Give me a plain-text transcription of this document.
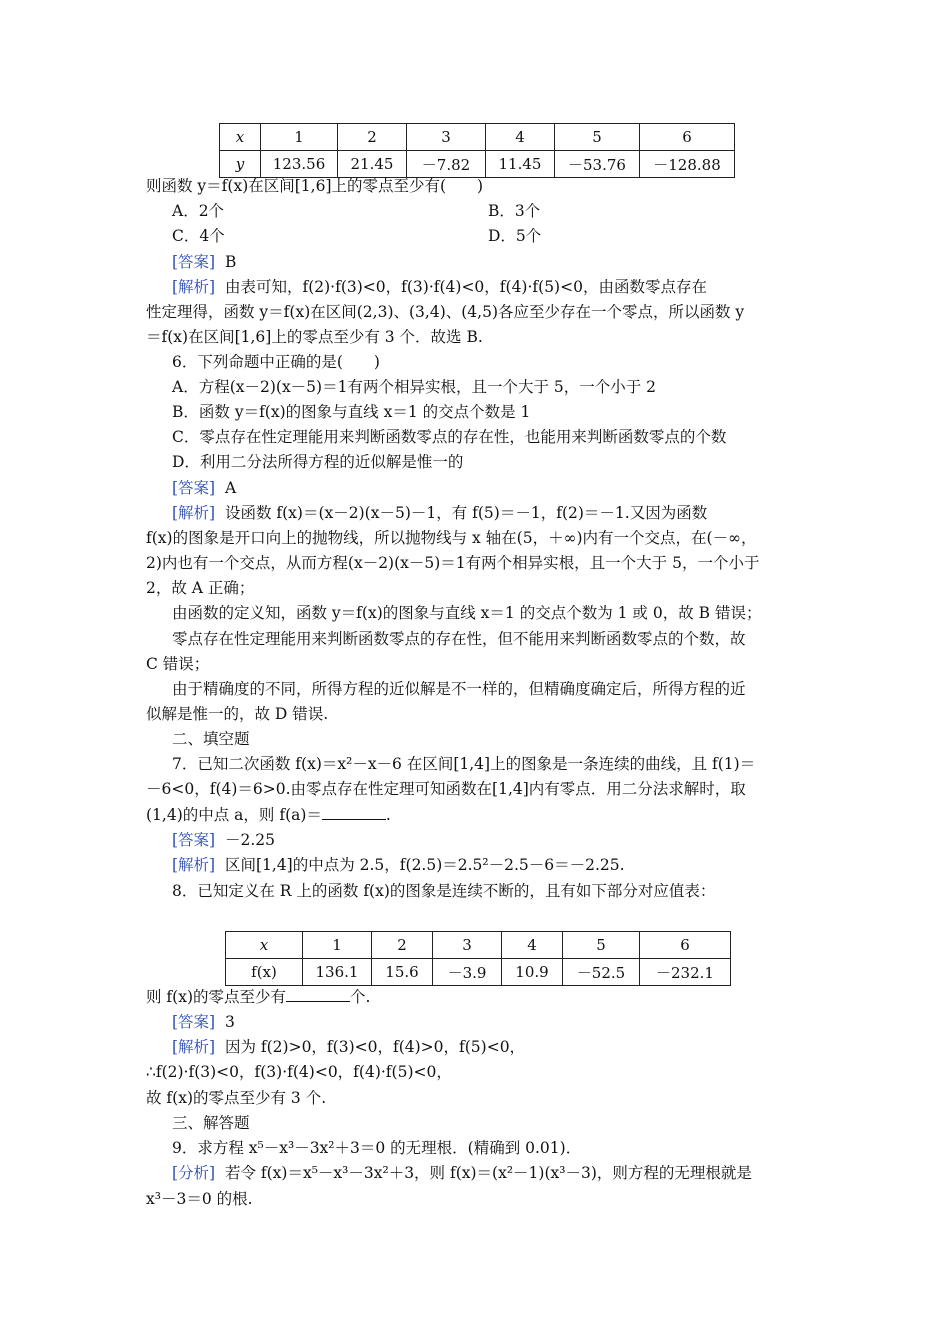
x	1	2	3	4	5	6
y	123.56	21.45	－7.82	11.45	－53.76	－128.88
则函数 y＝f(x)在区间[1,6]上的零点至少有(　　)
A．2个	B．3个
C．4个	D．5个
[答案] B
[解析] 由表可知，f(2)·f(3)<0，f(3)·f(4)<0，f(4)·f(5)<0，由函数零点存在
性定理得，函数 y＝f(x)在区间(2,3)、(3,4)、(4,5)各应至少存在一个零点，所以函数 y
＝f(x)在区间[1,6]上的零点至少有 3 个．故选 B.
6．下列命题中正确的是(　　)
A．方程(x－2)(x－5)＝1有两个相异实根，且一个大于 5，一个小于 2
B．函数 y＝f(x)的图象与直线 x＝1 的交点个数是 1
C．零点存在性定理能用来判断函数零点的存在性，也能用来判断函数零点的个数
D．利用二分法所得方程的近似解是惟一的
[答案] A
[解析] 设函数 f(x)＝(x－2)(x－5)－1，有 f(5)＝－1，f(2)＝－1.又因为函数
f(x)的图象是开口向上的抛物线，所以抛物线与 x 轴在(5，＋∞)内有一个交点，在(－∞，
2)内也有一个交点，从而方程(x－2)(x－5)＝1有两个相异实根，且一个大于 5，一个小于
2，故 A 正确；
由函数的定义知，函数 y＝f(x)的图象与直线 x＝1 的交点个数为 1 或 0，故 B 错误；
零点存在性定理能用来判断函数零点的存在性，但不能用来判断函数零点的个数，故
C 错误；
由于精确度的不同，所得方程的近似解是不一样的，但精确度确定后，所得方程的近
似解是惟一的，故 D 错误.
二、填空题
7．已知二次函数 f(x)＝x²－x－6 在区间[1,4]上的图象是一条连续的曲线，且 f(1)＝
－6<0，f(4)＝6>0.由零点存在性定理可知函数在[1,4]内有零点．用二分法求解时，取
(1,4)的中点 a，则 f(a)＝	.
[答案] －2.25
[解析] 区间[1,4]的中点为 2.5，f(2.5)＝2.5²－2.5－6＝－2.25.
8．已知定义在 R 上的函数 f(x)的图象是连续不断的，且有如下部分对应值表：
x	1	2	3	4	5	6
f(x)	136.1	15.6	－3.9	10.9	－52.5	－232.1
则 f(x)的零点至少有	个.
[答案] 3
[解析] 因为 f(2)>0，f(3)<0，f(4)>0，f(5)<0，
∴f(2)·f(3)<0，f(3)·f(4)<0，f(4)·f(5)<0，
故 f(x)的零点至少有 3 个.
三、解答题
9．求方程 x⁵－x³－3x²＋3＝0 的无理根．(精确到 0.01)．
[分析] 若令 f(x)＝x⁵－x³－3x²＋3，则 f(x)＝(x²－1)(x³－3)，则方程的无理根就是
x³－3＝0 的根.
